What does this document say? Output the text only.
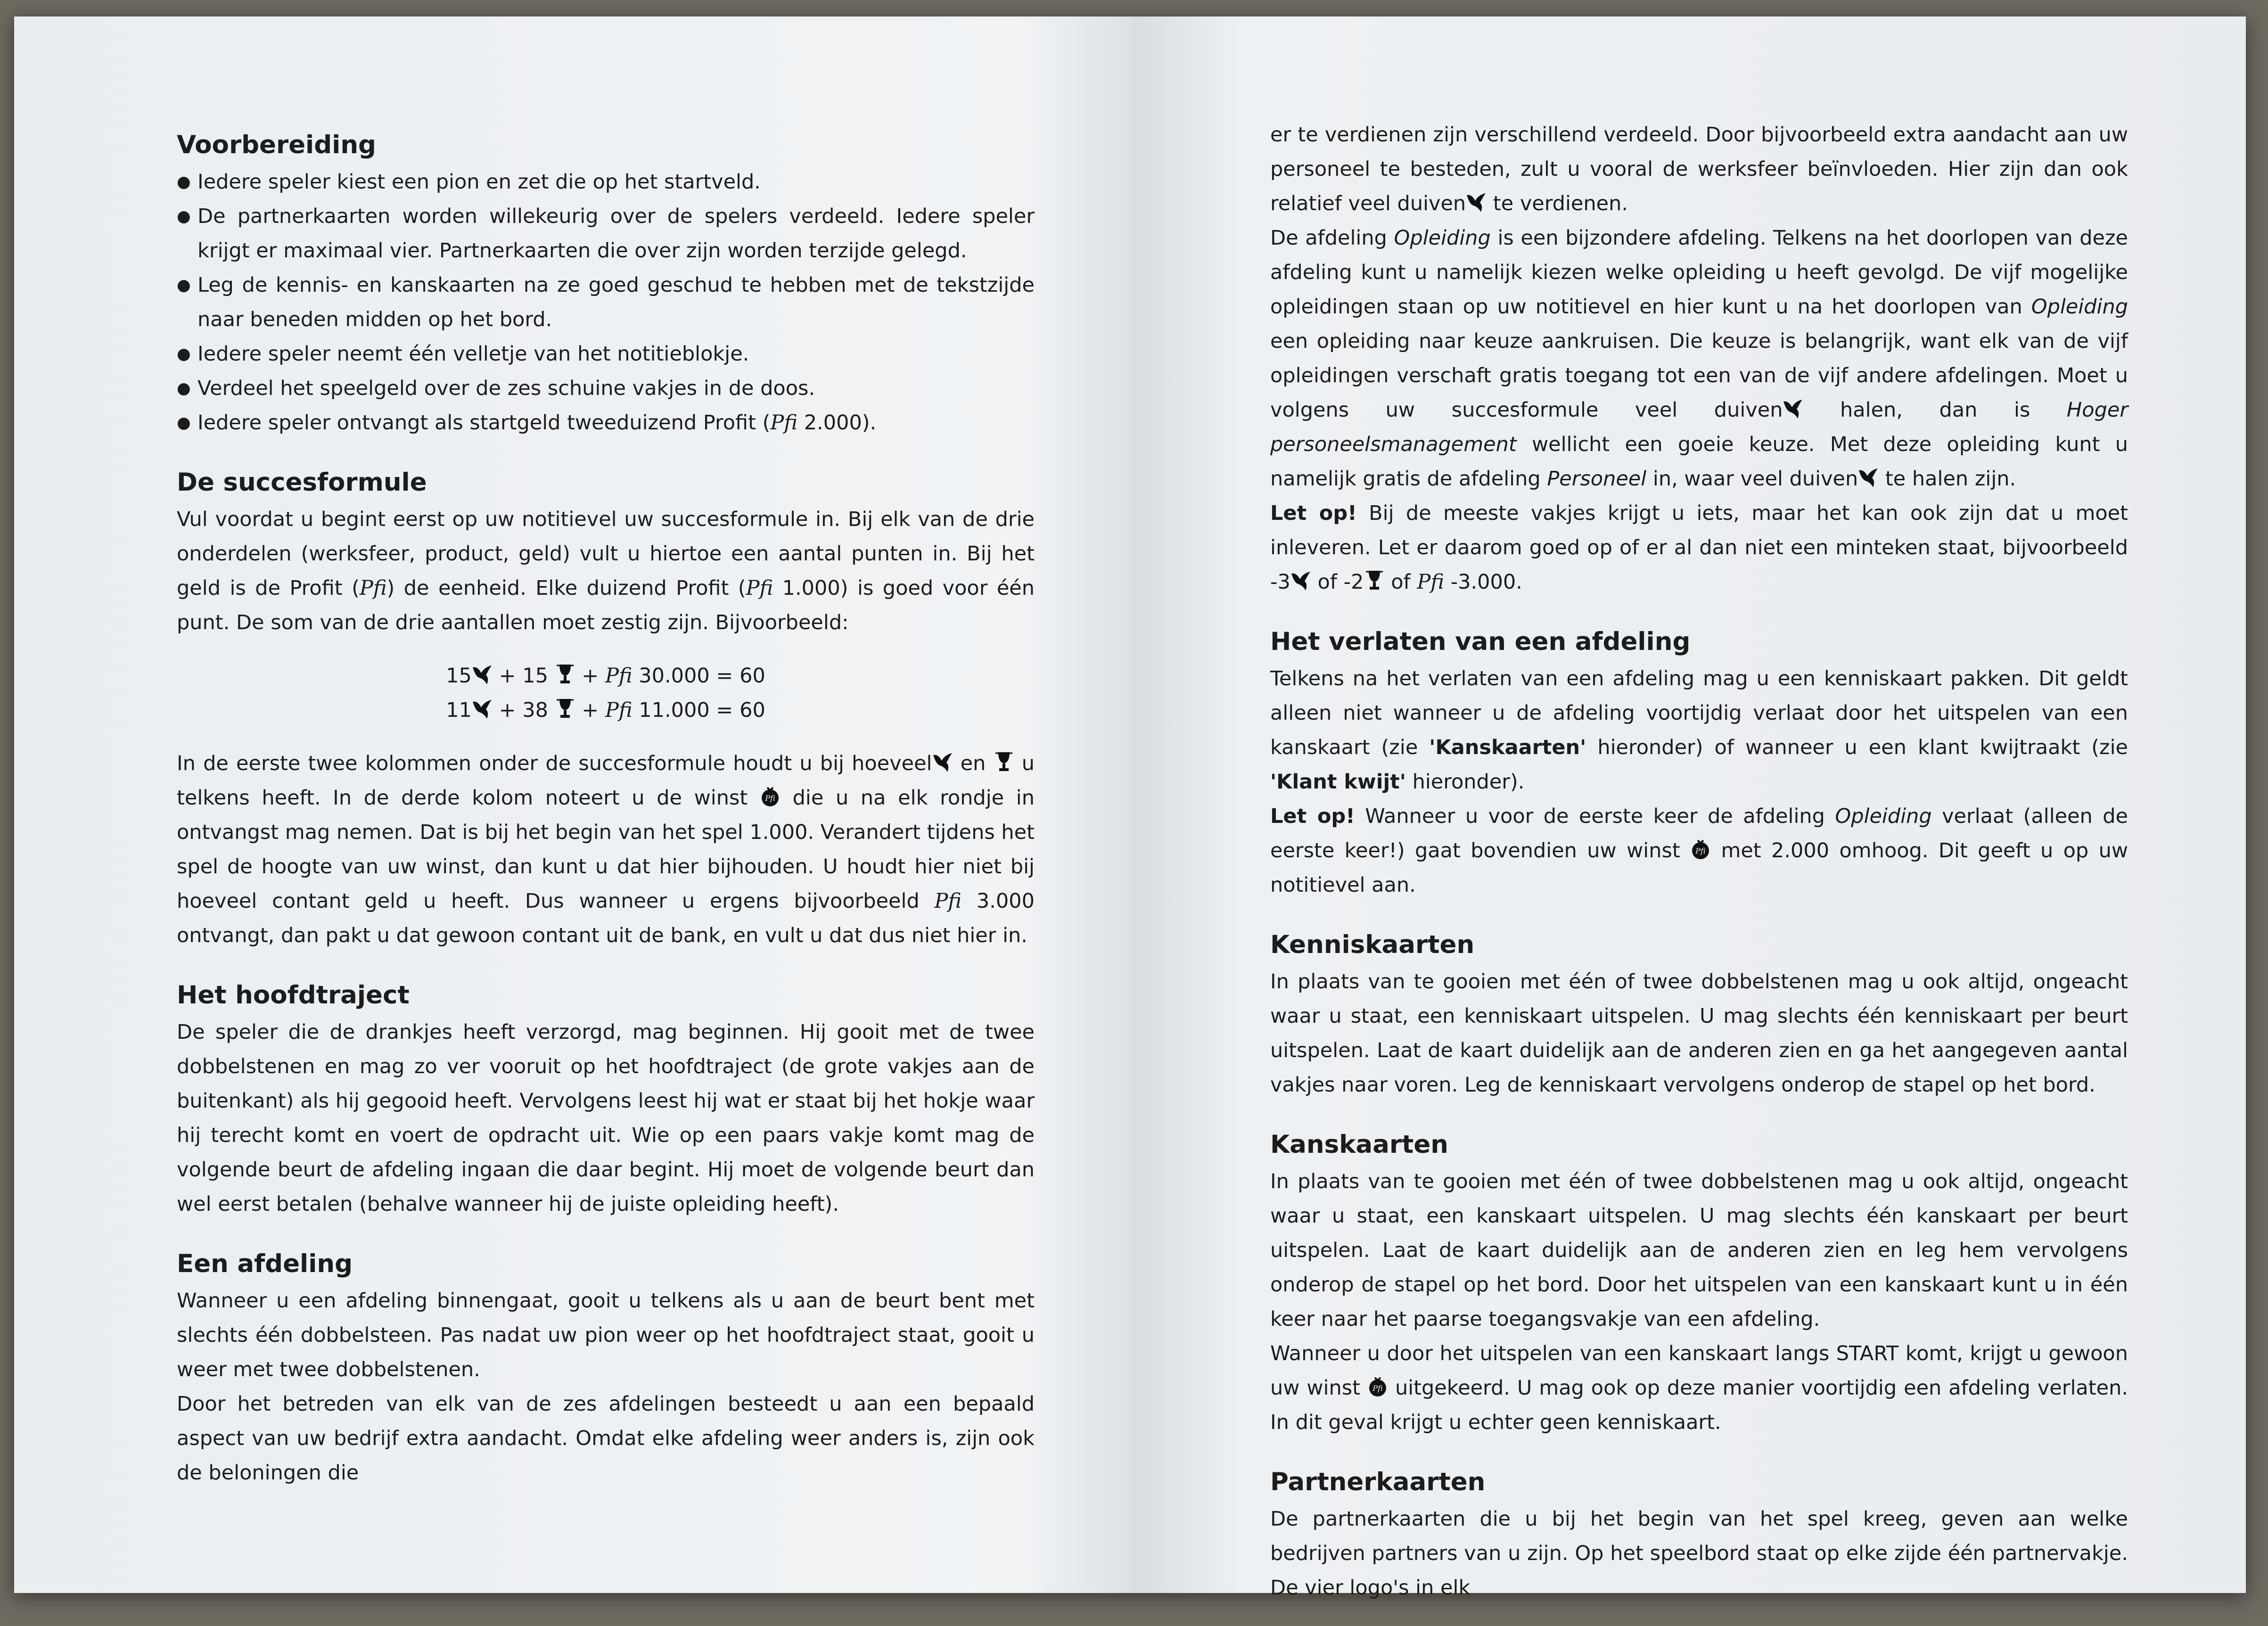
Voorbereiding
● Iedere speler kiest een pion en zet die op het startveld.
● De partnerkaarten worden willekeurig over de spelers verdeeld. Iedere speler krijgt er maximaal vier. Partnerkaarten die over zijn worden terzijde gelegd.
● Leg de kennis- en kanskaarten na ze goed geschud te hebben met de tekstzijde naar beneden midden op het bord.
● Iedere speler neemt één velletje van het notitieblokje.
● Verdeel het speelgeld over de zes schuine vakjes in de doos.
● Iedere speler ontvangt als startgeld tweeduizend Profit (Pfi 2.000).
De succesformule

Vul voordat u begint eerst op uw notitievel uw succesformule in. Bij elk van de drie onderdelen (werksfeer, product, geld) vult u hiertoe een aantal punten in. Bij het geld is de Profit (Pfi) de eenheid. Elke duizend Profit (Pfi 1.000) is goed voor één punt. De som van de drie aantallen moet zestig zijn. Bijvoorbeeld:

15 + 15  + Pfi 30.000 = 60
11 + 38  + Pfi 11.000 = 60

In de eerste twee kolommen onder de succesformule houdt u bij hoeveel en  u telkens heeft. In de derde kolom noteert u de winst  die u na elk rondje in ontvangst mag nemen. Dat is bij het begin van het spel 1.000. Verandert tijdens het spel de hoogte van uw winst, dan kunt u dat hier bijhouden. U houdt hier niet bij hoeveel contant geld u heeft. Dus wanneer u ergens bijvoorbeeld Pfi 3.000 ontvangt, dan pakt u dat gewoon contant uit de bank, en vult u dat dus niet hier in.

Het hoofdtraject

De speler die de drankjes heeft verzorgd, mag beginnen. Hij gooit met de twee dobbelstenen en mag zo ver vooruit op het hoofdtraject (de grote vakjes aan de buitenkant) als hij gegooid heeft. Vervolgens leest hij wat er staat bij het hokje waar hij terecht komt en voert de opdracht uit. Wie op een paars vakje komt mag de volgende beurt de afdeling ingaan die daar begint. Hij moet de volgende beurt dan wel eerst betalen (behalve wanneer hij de juiste opleiding heeft).

Een afdeling

Wanneer u een afdeling binnengaat, gooit u telkens als u aan de beurt bent met slechts één dobbelsteen. Pas nadat uw pion weer op het hoofdtraject staat, gooit u weer met twee dobbelstenen.

Door het betreden van elk van de zes afdelingen besteedt u aan een bepaald aspect van uw bedrijf extra aandacht. Omdat elke afdeling weer anders is, zijn ook de beloningen die

er te verdienen zijn verschillend verdeeld. Door bijvoorbeeld extra aandacht aan uw personeel te besteden, zult u vooral de werksfeer beïnvloeden. Hier zijn dan ook relatief veel duiven te verdienen.

De afdeling Opleiding is een bijzondere afdeling. Telkens na het doorlopen van deze afdeling kunt u namelijk kiezen welke opleiding u heeft gevolgd. De vijf mogelijke opleidingen staan op uw notitievel en hier kunt u na het doorlopen van Opleiding een opleiding naar keuze aankruisen. Die keuze is belangrijk, want elk van de vijf opleidingen verschaft gratis toegang tot een van de vijf andere afdelingen. Moet u volgens uw succesformule veel duiven halen, dan is Hoger personeelsmanagement wellicht een goeie keuze. Met deze opleiding kunt u namelijk gratis de afdeling Personeel in, waar veel duiven te halen zijn.

Let op! Bij de meeste vakjes krijgt u iets, maar het kan ook zijn dat u moet inleveren. Let er daarom goed op of er al dan niet een minteken staat, bijvoorbeeld -3 of -2 of Pfi -3.000.

Het verlaten van een afdeling

Telkens na het verlaten van een afdeling mag u een kenniskaart pakken. Dit geldt alleen niet wanneer u de afdeling voortijdig verlaat door het uitspelen van een kanskaart (zie 'Kanskaarten' hieronder) of wanneer u een klant kwijtraakt (zie 'Klant kwijt' hieronder).

Let op! Wanneer u voor de eerste keer de afdeling Opleiding verlaat (alleen de eerste keer!) gaat bovendien uw winst  met 2.000 omhoog. Dit geeft u op uw notitievel aan.

Kenniskaarten

In plaats van te gooien met één of twee dobbelstenen mag u ook altijd, ongeacht waar u staat, een kenniskaart uitspelen. U mag slechts één kenniskaart per beurt uitspelen. Laat de kaart duidelijk aan de anderen zien en ga het aangegeven aantal vakjes naar voren. Leg de kenniskaart vervolgens onderop de stapel op het bord.

Kanskaarten

In plaats van te gooien met één of twee dobbelstenen mag u ook altijd, ongeacht waar u staat, een kanskaart uitspelen. U mag slechts één kanskaart per beurt uitspelen. Laat de kaart duidelijk aan de anderen zien en leg hem vervolgens onderop de stapel op het bord. Door het uitspelen van een kanskaart kunt u in één keer naar het paarse toegangsvakje van een afdeling.

Wanneer u door het uitspelen van een kanskaart langs START komt, krijgt u gewoon uw winst  uitgekeerd. U mag ook op deze manier voortijdig een afdeling verlaten. In dit geval krijgt u echter geen kenniskaart.

Partnerkaarten

De partnerkaarten die u bij het begin van het spel kreeg, geven aan welke bedrijven partners van u zijn. Op het speelbord staat op elke zijde één partnervakje. De vier logo's in elk
